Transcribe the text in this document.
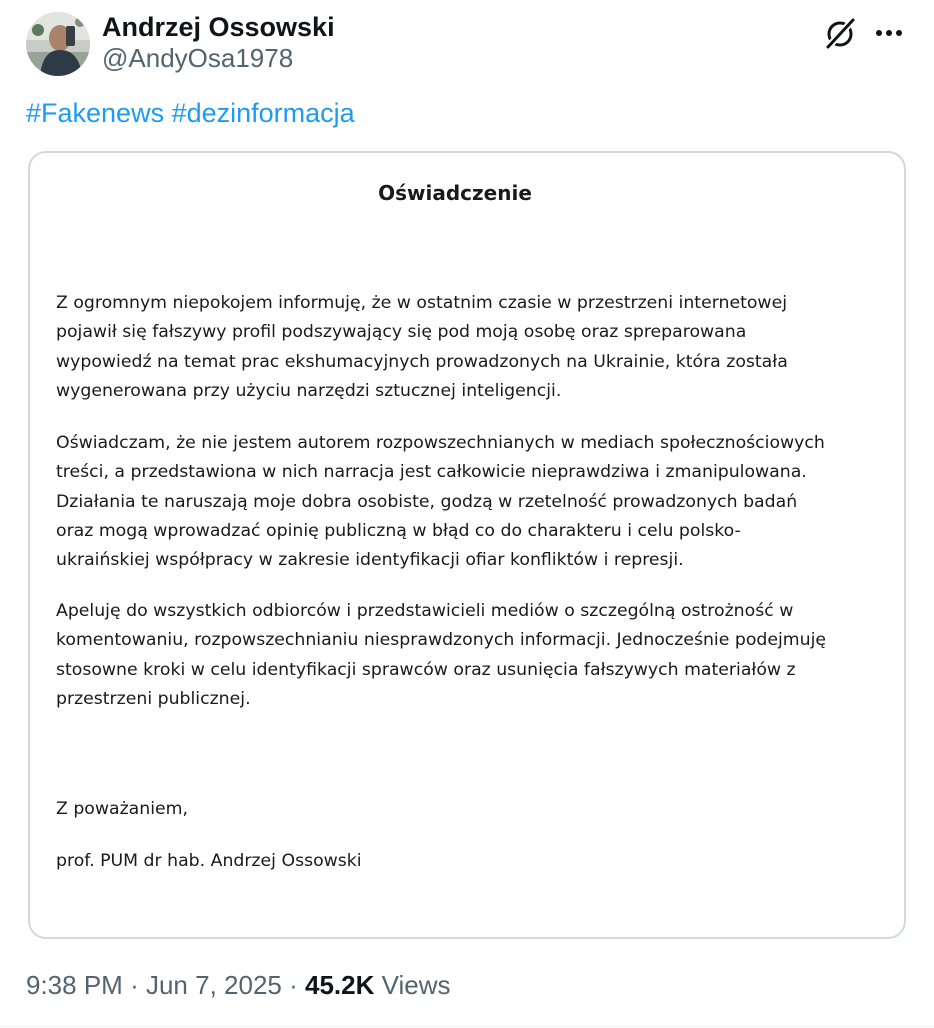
Andrzej Ossowski
@AndyOsa1978
#Fakenews #dezinformacja
Oświadczenie
Z ogromnym niepokojem informuję, że w ostatnim czasie w przestrzeni internetowej
pojawił się fałszywy profil podszywający się pod moją osobę oraz spreparowana
wypowiedź na temat prac ekshumacyjnych prowadzonych na Ukrainie, która została
wygenerowana przy użyciu narzędzi sztucznej inteligencji.
Oświadczam, że nie jestem autorem rozpowszechnianych w mediach społecznościowych
treści, a przedstawiona w nich narracja jest całkowicie nieprawdziwa i zmanipulowana.
Działania te naruszają moje dobra osobiste, godzą w rzetelność prowadzonych badań
oraz mogą wprowadzać opinię publiczną w błąd co do charakteru i celu polsko-
ukraińskiej współpracy w zakresie identyfikacji ofiar konfliktów i represji.
Apeluję do wszystkich odbiorców i przedstawicieli mediów o szczególną ostrożność w
komentowaniu, rozpowszechnianiu niesprawdzonych informacji. Jednocześnie podejmuję
stosowne kroki w celu identyfikacji sprawców oraz usunięcia fałszywych materiałów z
przestrzeni publicznej.
Z poważaniem,
prof. PUM dr hab. Andrzej Ossowski
9:38 PM · Jun 7, 2025 · 45.2K Views
